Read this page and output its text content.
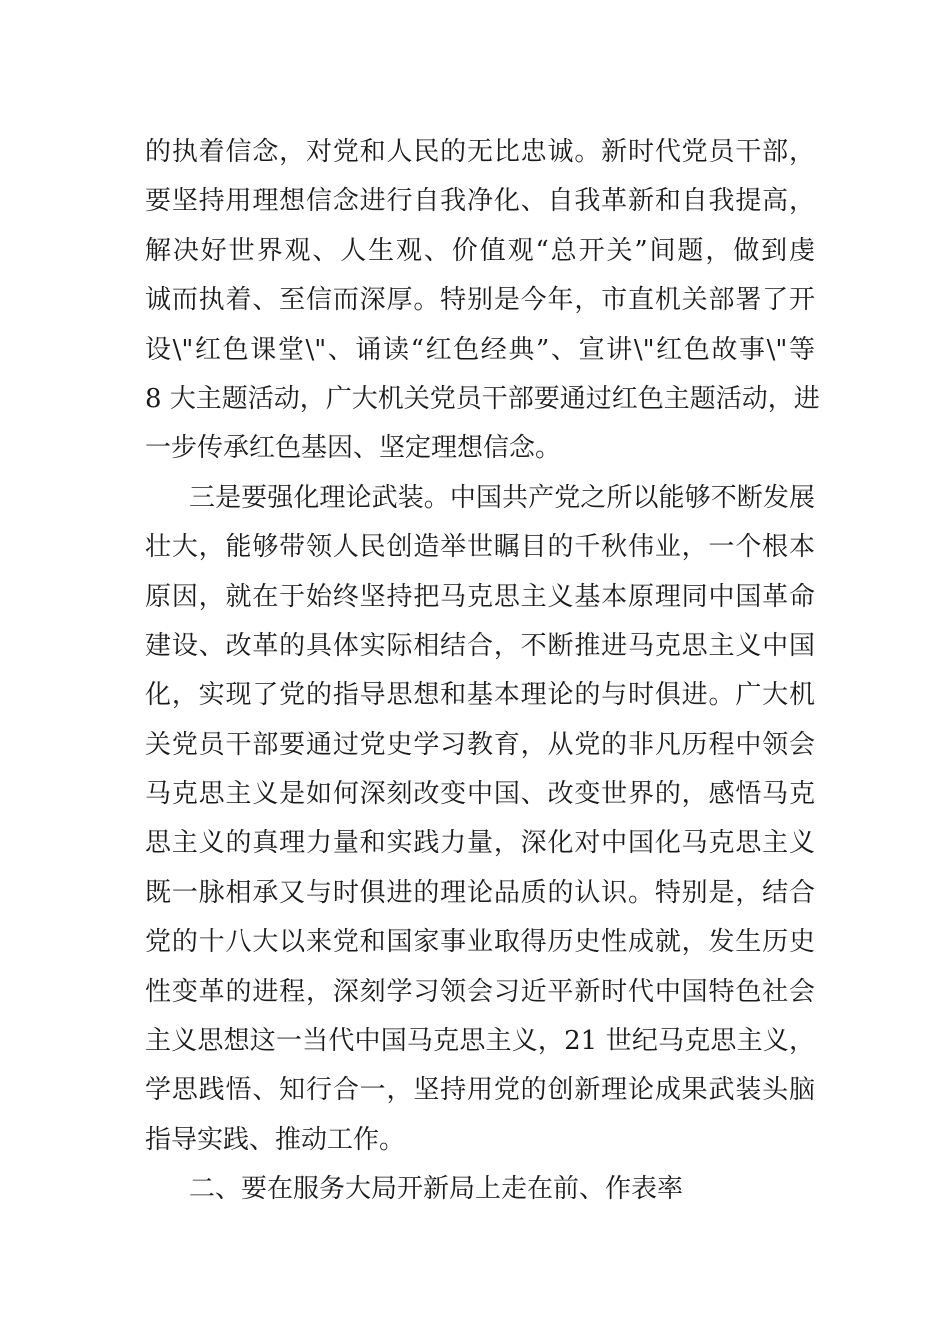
的执着信念，对党和人民的无比忠诚。新时代党员干部，
要坚持用理想信念进行自我净化、自我革新和自我提高，
解决好世界观、人生观、价值观“总开关”间题，做到虔
诚而执着、至信而深厚。特别是今年，市直机关部署了开
设\"红色课堂\"、诵读“红色经典”、宣讲\"红色故事\"等
8 大主题活动，广大机关党员干部要通过红色主题活动，进
一步传承红色基因、坚定理想信念。
三是要强化理论武装。中国共产党之所以能够不断发展
壮大，能够带领人民创造举世瞩目的千秋伟业，一个根本
原因，就在于始终坚持把马克思主义基本原理同中国革命
建设、改革的具体实际相结合，不断推进马克思主义中国
化，实现了党的指导思想和基本理论的与时俱进。广大机
关党员干部要通过党史学习教育，从党的非凡历程中领会
马克思主义是如何深刻改变中国、改变世界的，感悟马克
思主义的真理力量和实践力量，深化对中国化马克思主义
既一脉相承又与时俱进的理论品质的认识。特别是，结合
党的十八大以来党和国家事业取得历史性成就，发生历史
性变革的进程，深刻学习领会习近平新时代中国特色社会
主义思想这一当代中国马克思主义，21 世纪马克思主义，
学思践悟、知行合一，坚持用党的创新理论成果武装头脑
指导实践、推动工作。
二、要在服务大局开新局上走在前、作表率
